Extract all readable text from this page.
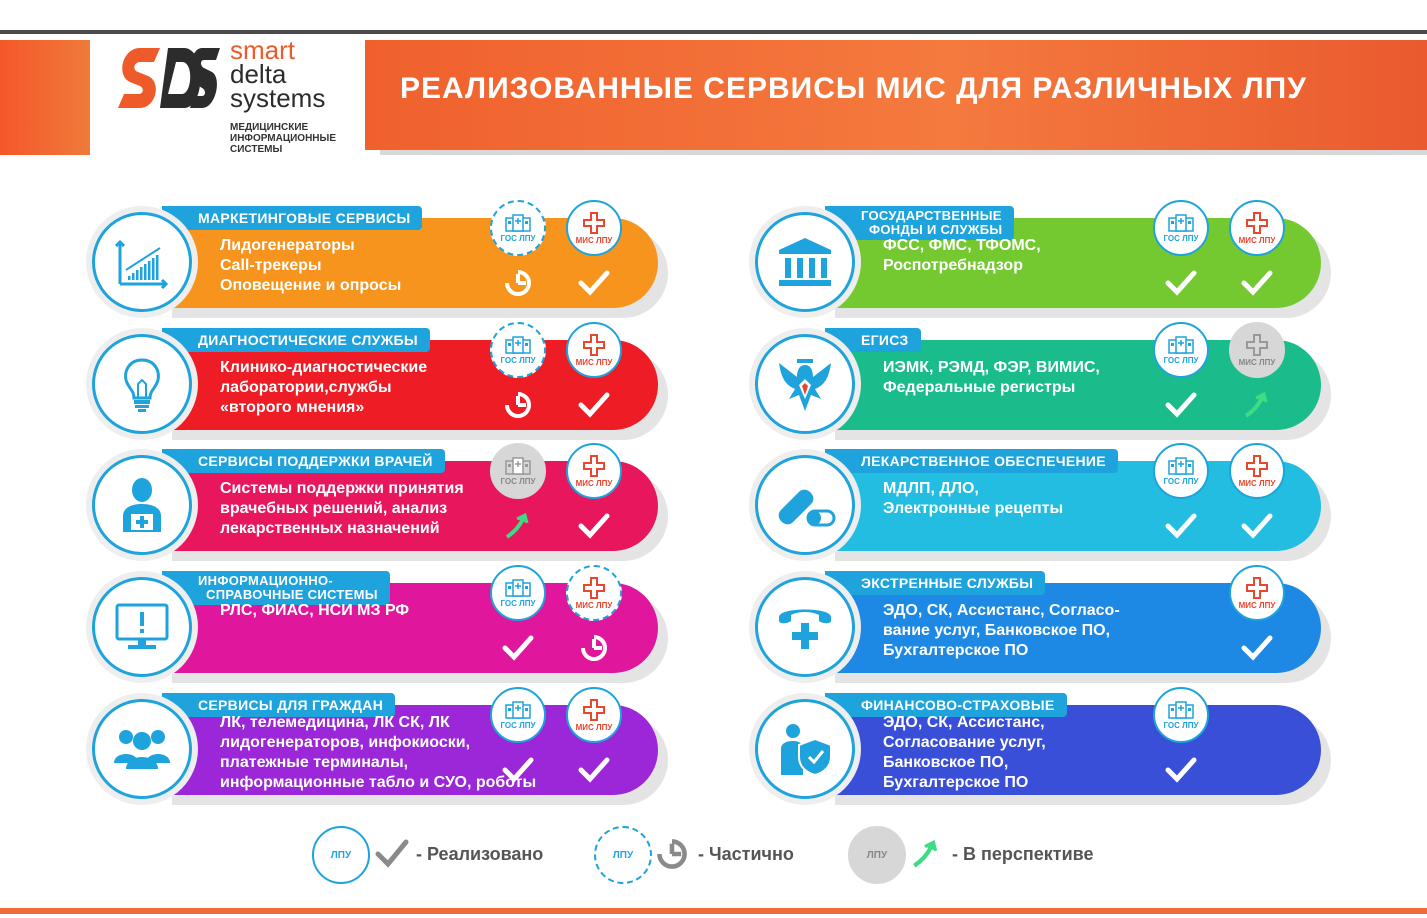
smart
delta
systems
МЕДИЦИНСКИЕ
ИНФОРМАЦИОННЫЕ
СИСТЕМЫ
РЕАЛИЗОВАННЫЕ СЕРВИСЫ МИС ДЛЯ РАЗЛИЧНЫХ ЛПУ
МАРКЕТИНГОВЫЕ СЕРВИСЫ
Лидогенераторы
Call-трекеры
Оповещение и опросы
ГОС ЛПУ	МИС ЛПУ
ДИАГНОСТИЧЕСКИЕ СЛУЖБЫ
Клинико-диагностические
лаборатории,службы
«второго мнения»
ГОС ЛПУ	МИС ЛПУ
СЕРВИСЫ ПОДДЕРЖКИ ВРАЧЕЙ
Системы поддержки принятия
врачебных решений, анализ
лекарственных назначений
ГОС ЛПУ	МИС ЛПУ
ИНФОРМАЦИОННО-
СПРАВОЧНЫЕ СИСТЕМЫ
РЛС, ФИАС, НСИ МЗ РФ	ГОС ЛПУ	МИС ЛПУ
СЕРВИСЫ ДЛЯ ГРАЖДАН
ЛК, телемедицина, ЛК СК, ЛК
лидогенераторов, инфокиоски,
платежные терминалы,
информационные табло и СУО, роботы
ГОС ЛПУ	МИС ЛПУ
ГОСУДАРСТВЕННЫЕ
ФОНДЫ И СЛУЖБЫ
ФСС, ФМС, ТФОМС,
Роспотребнадзор
ГОС ЛПУ	МИС ЛПУ
ЕГИСЗ
ИЭМК, РЭМД, ФЭР, ВИМИС,
Федеральные регистры
ГОС ЛПУ	МИС ЛПУ
ЛЕКАРСТВЕННОЕ ОБЕСПЕЧЕНИЕ
МДЛП, ДЛО,
Электронные рецепты
ГОС ЛПУ	МИС ЛПУ
ЭКСТРЕННЫЕ СЛУЖБЫ
ЭДО, СК, Ассистанс, Согласо-
вание услуг, Банковское ПО,
Бухгалтерское ПО
МИС ЛПУ
ФИНАНСОВО-СТРАХОВЫЕ
ЭДО, СК, Ассистанс,
Согласование услуг,
Банковское ПО,
Бухгалтерское ПО
ГОС ЛПУ
ЛПУ	- Реализовано	ЛПУ	- Частично	ЛПУ	- В перспективе
